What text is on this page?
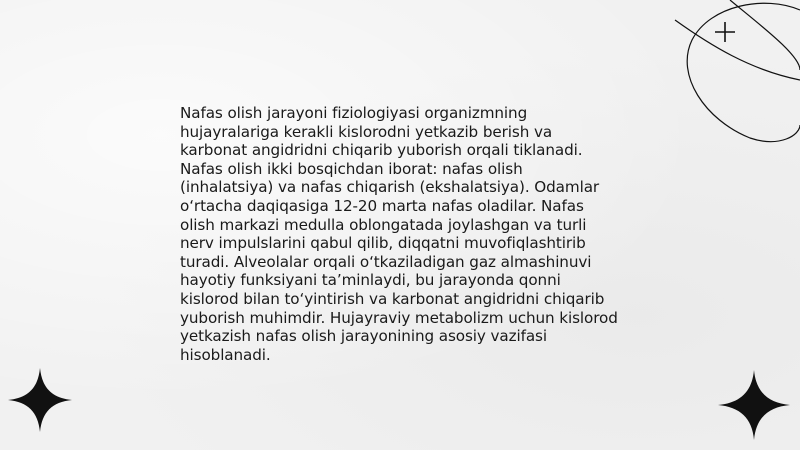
Nafas olish jarayoni fiziologiyasi organizmning hujayralariga kerakli kislorodni yetkazib berish va karbonat angidridni chiqarib yuborish orqali tiklanadi. Nafas olish ikki bosqichdan iborat: nafas olish (inhalatsiya) va nafas chiqarish (ekshalatsiya). Odamlar o‘rtacha daqiqasiga 12-20 marta nafas oladilar. Nafas olish markazi medulla oblongatada joylashgan va turli nerv impulslarini qabul qilib, diqqatni muvofiqlashtirib turadi. Alveolalar orqali o‘tkaziladigan gaz almashinuvi hayotiy funksiyani ta’minlaydi, bu jarayonda qonni kislorod bilan to‘yintirish va karbonat angidridni chiqarib yuborish muhimdir. Hujayraviy metabolizm uchun kislorod yetkazish nafas olish jarayonining asosiy vazifasi hisoblanadi.
